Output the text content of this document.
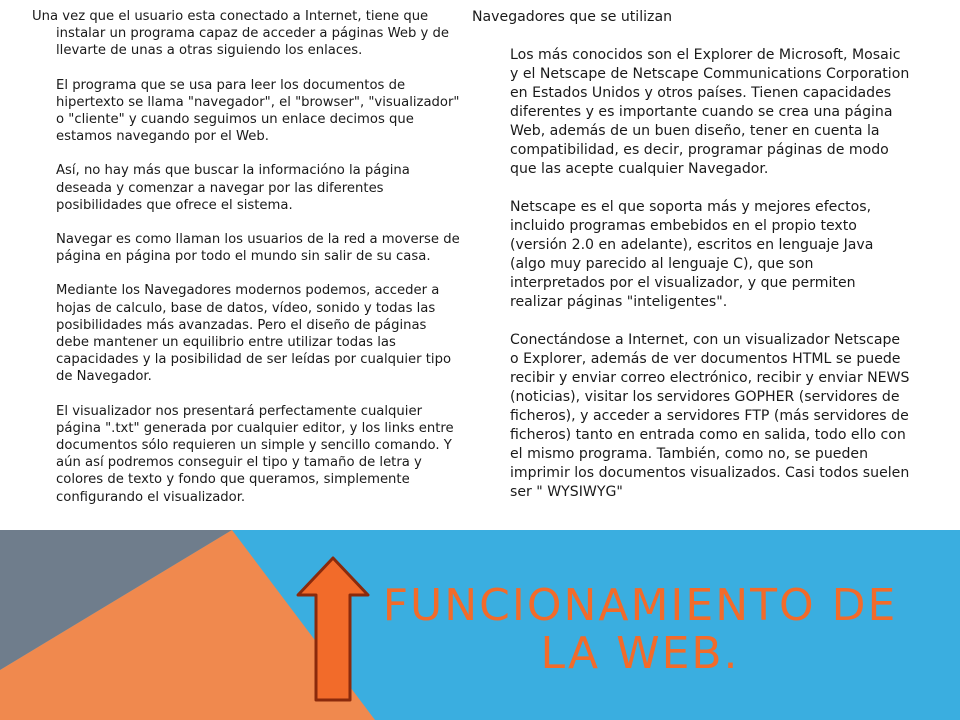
Una vez que el usuario esta conectado a Internet, tiene que instalar un programa capaz de acceder a páginas Web y de llevarte de unas a otras siguiendo los enlaces.

El programa que se usa para leer los documentos de hipertexto se llama "navegador", el "browser", "visualizador" o "cliente" y cuando seguimos un enlace decimos que estamos navegando por el Web.

Así, no hay más que buscar la informacióno la página deseada y comenzar a navegar por las diferentes posibilidades que ofrece el sistema.

Navegar es como llaman los usuarios de la red a moverse de página en página por todo el mundo sin salir de su casa.

Mediante los Navegadores modernos podemos, acceder a hojas de calculo, base de datos, vídeo, sonido y todas las posibilidades más avanzadas. Pero el diseño de páginas debe mantener un equilibrio entre utilizar todas las capacidades y la posibilidad de ser leídas por cualquier tipo de Navegador.

El visualizador nos presentará perfectamente cualquier página ".txt" generada por cualquier editor, y los links entre documentos sólo requieren un simple y sencillo comando. Y aún así podremos conseguir el tipo y tamaño de letra y colores de texto y fondo que queramos, simplemente configurando el visualizador.

Navegadores que se utilizan

Los más conocidos son el Explorer de Microsoft, Mosaic y el Netscape de Netscape Communications Corporation en Estados Unidos y otros países. Tienen capacidades diferentes y es importante cuando se crea una página Web, además de un buen diseño, tener en cuenta la compatibilidad, es decir, programar páginas de modo que las acepte cualquier Navegador.

Netscape es el que soporta más y mejores efectos, incluido programas embebidos en el propio texto (versión 2.0 en adelante), escritos en lenguaje Java (algo muy parecido al lenguaje C), que son interpretados por el visualizador, y que permiten realizar páginas "inteligentes".

Conectándose a Internet, con un visualizador Netscape o Explorer, además de ver documentos HTML se puede recibir y enviar correo electrónico, recibir y enviar NEWS (noticias), visitar los servidores GOPHER (servidores de ficheros), y acceder a servidores FTP (más servidores de ficheros) tanto en entrada como en salida, todo ello con el mismo programa. También, como no, se pueden imprimir los documentos visualizados. Casi todos suelen ser " WYSIWYG"

FUNCIONAMIENTO DE
LA WEB.
